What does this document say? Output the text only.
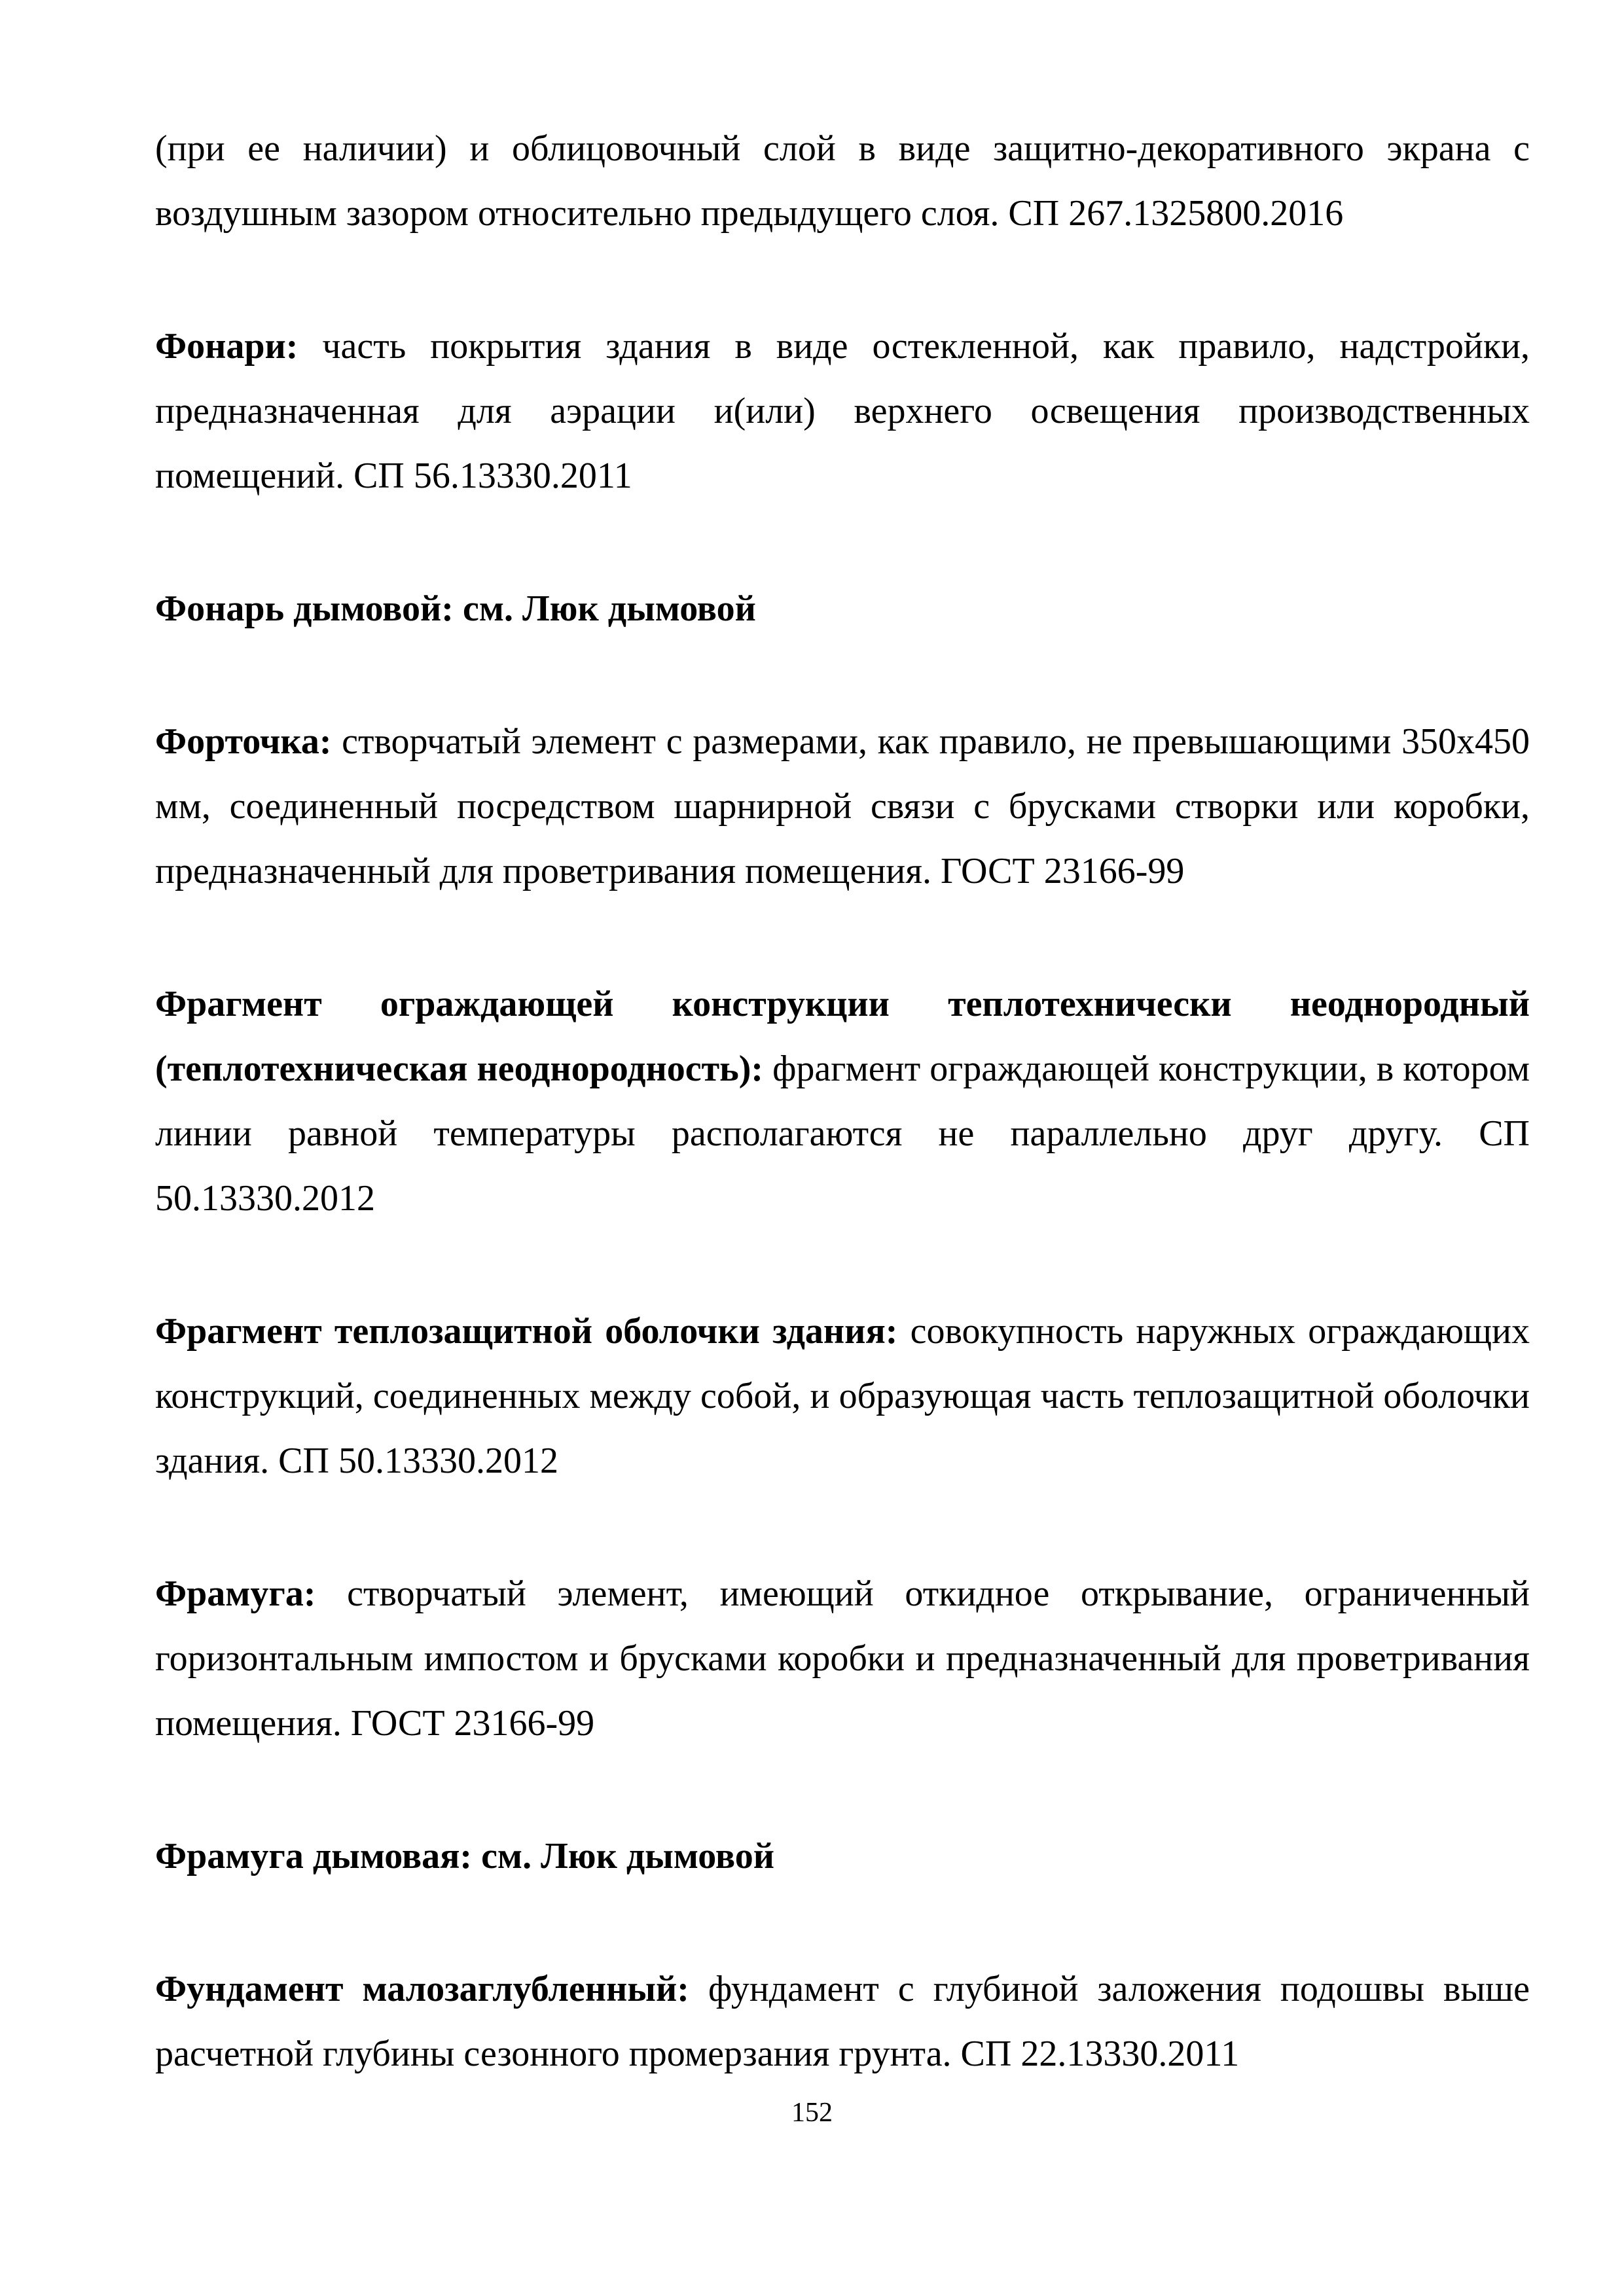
(при ее наличии) и облицовочный слой в виде защитно-декоративного экрана с воздушным зазором относительно предыдущего слоя. СП 267.1325800.2016

Фонари: часть покрытия здания в виде остекленной, как правило, надстройки, предназначенная для аэрации и(или) верхнего освещения производственных помещений. СП 56.13330.2011

Фонарь дымовой: см. Люк дымовой

Форточка: створчатый элемент с размерами, как правило, не превышающими 350x450 мм, соединенный посредством шарнирной связи с брусками створки или коробки, предназначенный для проветривания помещения. ГОСТ 23166-99

Фрагмент ограждающей конструкции теплотехнически неоднородный (теплотехническая неоднородность): фрагмент ограждающей конструкции, в котором линии равной температуры располагаются не параллельно друг другу. СП 50.13330.2012

Фрагмент теплозащитной оболочки здания: совокупность наружных ограждающих конструкций, соединенных между собой, и образующая часть теплозащитной оболочки здания. СП 50.13330.2012

Фрамуга: створчатый элемент, имеющий откидное открывание, ограниченный горизонтальным импостом и брусками коробки и предназначенный для проветривания помещения. ГОСТ 23166-99

Фрамуга дымовая: см. Люк дымовой

Фундамент малозаглубленный: фундамент с глубиной заложения подошвы выше расчетной глубины сезонного промерзания грунта. СП 22.13330.2011

152
